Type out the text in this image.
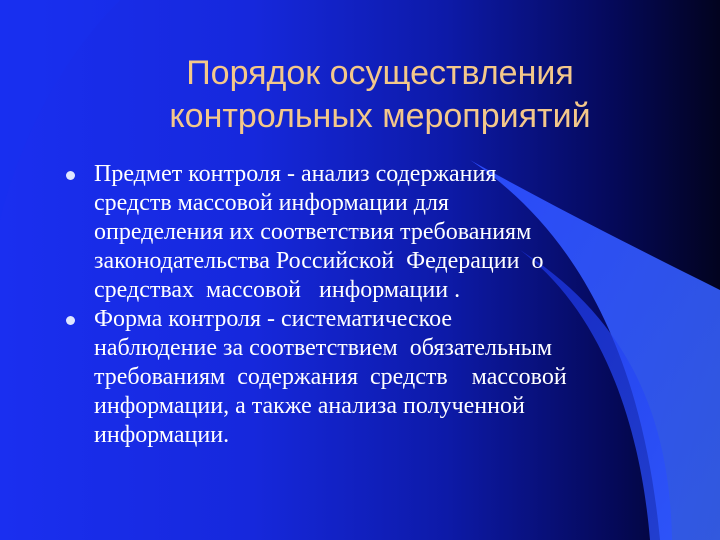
Порядок осуществления
контрольных мероприятий
Предмет контроля - анализ содержания
средств массовой информации для
определения их соответствия требованиям
законодательства Российской  Федерации  о
средствах  массовой   информации .
Форма контроля - систематическое
наблюдение за соответствием  обязательным
требованиям  содержания  средств    массовой
информации, а также анализа полученной
информации.
